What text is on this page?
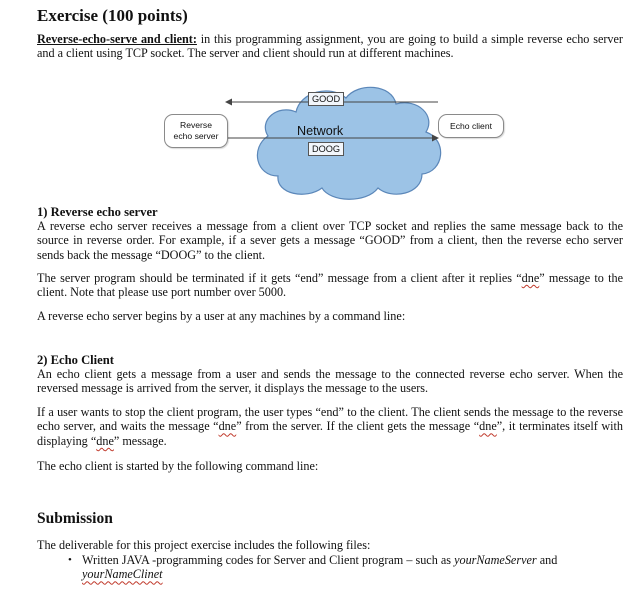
Exercise (100 points)

Reverse-echo-serve and client: in this programming assignment, you are going to build a simple reverse echo server and a client using TCP socket. The server and client should run at different machines.

Reverse
echo server
Echo client
GOOD
Network
DOOG

1) Reverse echo server

A reverse echo server receives a message from a client over TCP socket and replies the same message back to the source in reverse order. For example, if a sever gets a message “GOOD” from a client, then the reverse echo server sends back the message “DOOG” to the client.

The server program should be terminated if it gets “end” message from a client after it replies “dne” message to the client. Note that please use port number over 5000.

A reverse echo server begins by a user at any machines by a command line:

2) Echo Client

An echo client gets a message from a user and sends the message to the connected reverse echo server. When the reversed message is arrived from the server, it displays the message to the users.

If a user wants to stop the client program, the user types “end” to the client. The client sends the message to the reverse echo server, and waits the message “dne” from the server. If the client gets the message “dne”, it terminates itself with displaying “dne” message.

The echo client is started by the following command line:

Submission

The deliverable for this project exercise includes the following files:

• Written JAVA -programming codes for Server and Client program – such as yourNameServer and yourNameClinet
